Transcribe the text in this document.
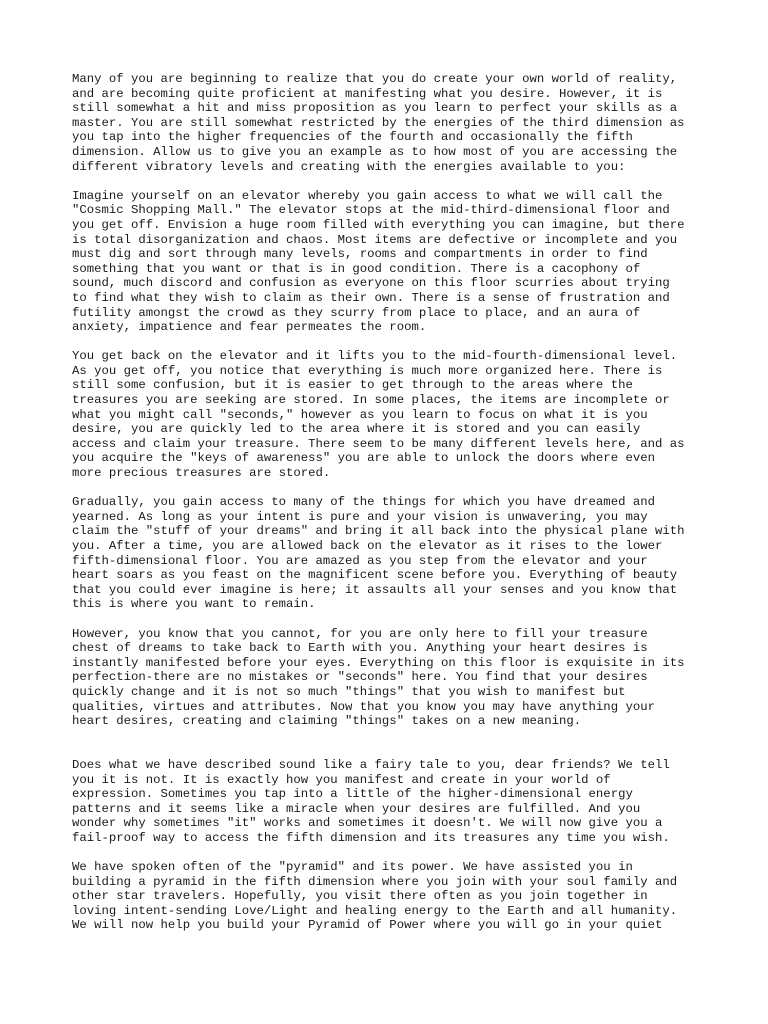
Many of you are beginning to realize that you do create your own world of reality,
and are becoming quite proficient at manifesting what you desire. However, it is
still somewhat a hit and miss proposition as you learn to perfect your skills as a
master. You are still somewhat restricted by the energies of the third dimension as
you tap into the higher frequencies of the fourth and occasionally the fifth
dimension. Allow us to give you an example as to how most of you are accessing the
different vibratory levels and creating with the energies available to you:

Imagine yourself on an elevator whereby you gain access to what we will call the
"Cosmic Shopping Mall." The elevator stops at the mid-third-dimensional floor and
you get off. Envision a huge room filled with everything you can imagine, but there
is total disorganization and chaos. Most items are defective or incomplete and you
must dig and sort through many levels, rooms and compartments in order to find
something that you want or that is in good condition. There is a cacophony of
sound, much discord and confusion as everyone on this floor scurries about trying
to find what they wish to claim as their own. There is a sense of frustration and
futility amongst the crowd as they scurry from place to place, and an aura of
anxiety, impatience and fear permeates the room.

You get back on the elevator and it lifts you to the mid-fourth-dimensional level.
As you get off, you notice that everything is much more organized here. There is
still some confusion, but it is easier to get through to the areas where the
treasures you are seeking are stored. In some places, the items are incomplete or
what you might call "seconds," however as you learn to focus on what it is you
desire, you are quickly led to the area where it is stored and you can easily
access and claim your treasure. There seem to be many different levels here, and as
you acquire the "keys of awareness" you are able to unlock the doors where even
more precious treasures are stored.

Gradually, you gain access to many of the things for which you have dreamed and
yearned. As long as your intent is pure and your vision is unwavering, you may
claim the "stuff of your dreams" and bring it all back into the physical plane with
you. After a time, you are allowed back on the elevator as it rises to the lower
fifth-dimensional floor. You are amazed as you step from the elevator and your
heart soars as you feast on the magnificent scene before you. Everything of beauty
that you could ever imagine is here; it assaults all your senses and you know that
this is where you want to remain.

However, you know that you cannot, for you are only here to fill your treasure
chest of dreams to take back to Earth with you. Anything your heart desires is
instantly manifested before your eyes. Everything on this floor is exquisite in its
perfection-there are no mistakes or "seconds" here. You find that your desires
quickly change and it is not so much "things" that you wish to manifest but
qualities, virtues and attributes. Now that you know you may have anything your
heart desires, creating and claiming "things" takes on a new meaning.

Does what we have described sound like a fairy tale to you, dear friends? We tell
you it is not. It is exactly how you manifest and create in your world of
expression. Sometimes you tap into a little of the higher-dimensional energy
patterns and it seems like a miracle when your desires are fulfilled. And you
wonder why sometimes "it" works and sometimes it doesn't. We will now give you a
fail-proof way to access the fifth dimension and its treasures any time you wish.

We have spoken often of the "pyramid" and its power. We have assisted you in
building a pyramid in the fifth dimension where you join with your soul family and
other star travelers. Hopefully, you visit there often as you join together in
loving intent-sending Love/Light and healing energy to the Earth and all humanity.
We will now help you build your Pyramid of Power where you will go in your quiet
